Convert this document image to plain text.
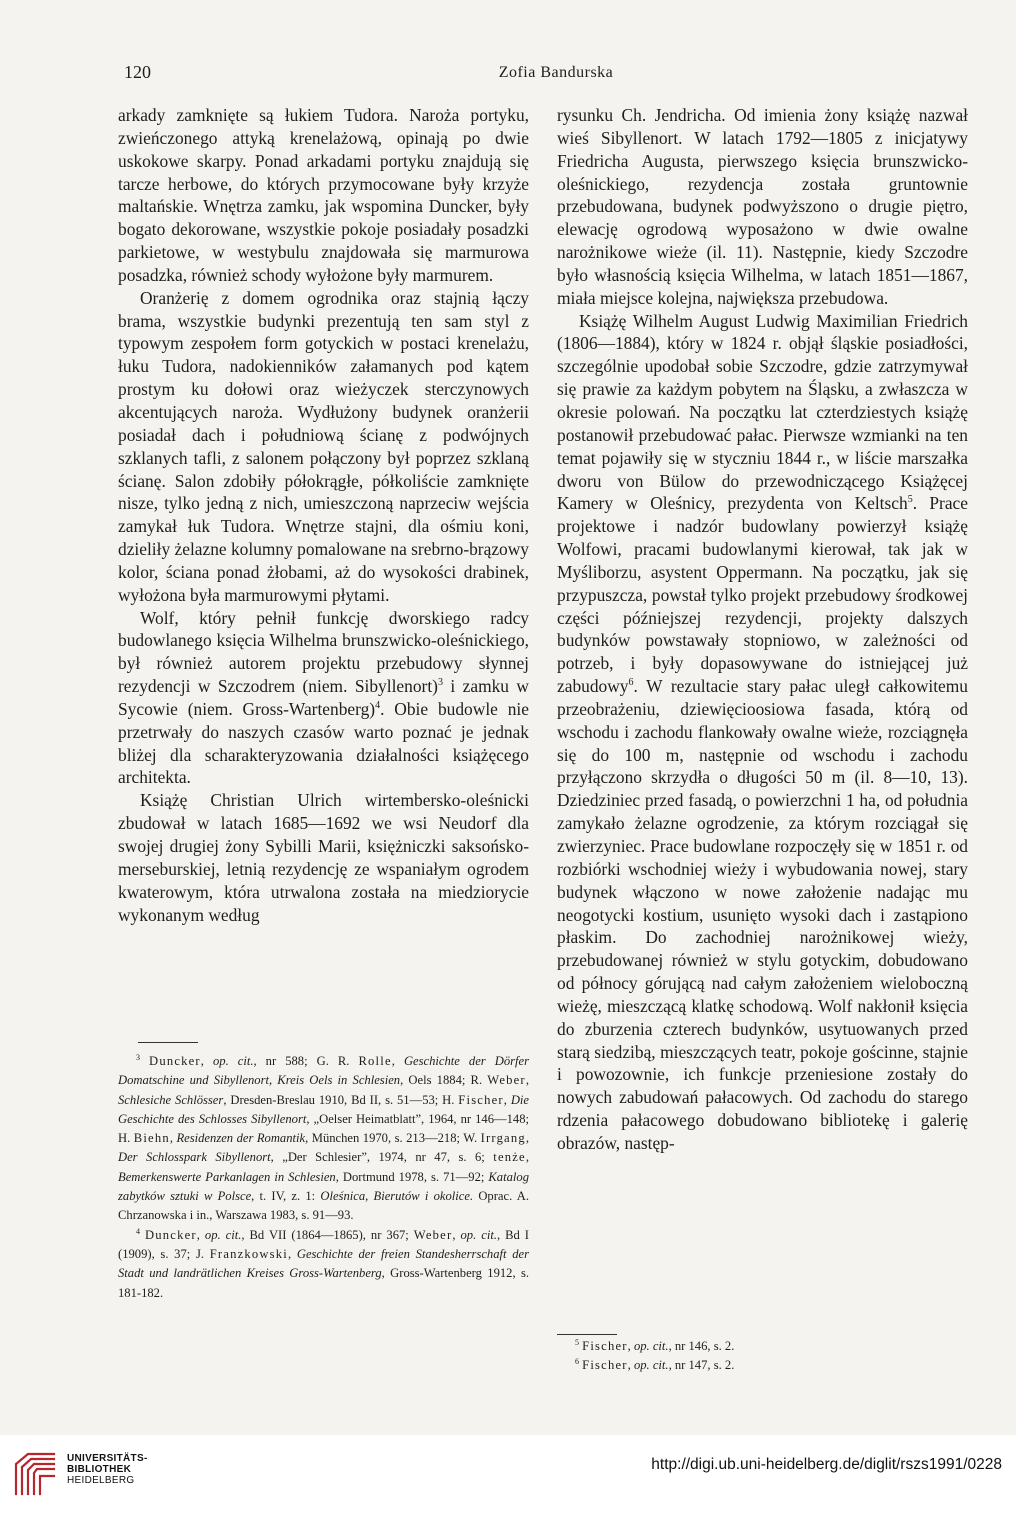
120	Zofia Bandurska

arkady zamknięte są łukiem Tudora. Naroża portyku, zwieńczonego attyką krenelażową, opinają po dwie uskokowe skarpy. Ponad arkadami portyku znajdują się tarcze herbowe, do których przymocowane były krzyże maltańskie. Wnętrza zamku, jak wspomina Duncker, były bogato dekorowane, wszystkie pokoje posiadały posadzki parkietowe, w westybulu znajdowała się marmurowa posadzka, również schody wyłożone były marmurem.

Oranżerię z domem ogrodnika oraz stajnią łączy brama, wszystkie budynki prezentują ten sam styl z typowym zespołem form gotyckich w postaci krenelażu, łuku Tudora, nadokienników załamanych pod kątem prostym ku dołowi oraz wieżyczek sterczynowych akcentujących naroża. Wydłużony budynek oranżerii posiadał dach i południową ścianę z podwójnych szklanych tafli, z salonem połączony był poprzez szklaną ścianę. Salon zdobiły półokrągłe, półkoliście zamknięte nisze, tylko jedną z nich, umieszczoną naprzeciw wejścia zamykał łuk Tudora. Wnętrze stajni, dla ośmiu koni, dzieliły żelazne kolumny pomalowane na srebrno-brązowy kolor, ściana ponad żłobami, aż do wysokości drabinek, wyłożona była marmurowymi płytami.

Wolf, który pełnił funkcję dworskiego radcy budowlanego księcia Wilhelma brunszwicko-oleśnickiego, był również autorem projektu przebudowy słynnej rezydencji w Szczodrem (niem. Sibyllenort)$^3$ i zamku w Sycowie (niem. Gross-Wartenberg)$^4$. Obie budowle nie przetrwały do naszych czasów warto poznać je jednak bliżej dla scharakteryzowania działalności książęcego architekta.

Książę Christian Ulrich wirtembersko-oleśnicki zbudował w latach 1685—1692 we wsi Neudorf dla swojej drugiej żony Sybilli Marii, księżniczki saksońsko-merseburskiej, letnią rezydencję ze wspaniałym ogrodem kwaterowym, która utrwalona została na miedziorycie wykonanym według

rysunku Ch. Jendricha. Od imienia żony książę nazwał wieś Sibyllenort. W latach 1792—1805 z inicjatywy Friedricha Augusta, pierwszego księcia brunszwicko-oleśnickiego, rezydencja została gruntownie przebudowana, budynek podwyższono o drugie piętro, elewację ogrodową wyposażono w dwie owalne narożnikowe wieże (il. 11). Następnie, kiedy Szczodre było własnością księcia Wilhelma, w latach 1851—1867, miała miejsce kolejna, największa przebudowa.

Książę Wilhelm August Ludwig Maximilian Friedrich (1806—1884), który w 1824 r. objął śląskie posiadłości, szczególnie upodobał sobie Szczodre, gdzie zatrzymywał się prawie za każdym pobytem na Śląsku, a zwłaszcza w okresie polowań. Na początku lat czterdziestych książę postanowił przebudować pałac. Pierwsze wzmianki na ten temat pojawiły się w styczniu 1844 r., w liście marszałka dworu von Bülow do przewodniczącego Książęcej Kamery w Oleśnicy, prezydenta von Keltsch$^5$. Prace projektowe i nadzór budowlany powierzył książę Wolfowi, pracami budowlanymi kierował, tak jak w Myśliborzu, asystent Oppermann. Na początku, jak się przypuszcza, powstał tylko projekt przebudowy środkowej części późniejszej rezydencji, projekty dalszych budynków powstawały stopniowo, w zależności od potrzeb, i były dopasowywane do istniejącej już zabudowy$^6$. W rezultacie stary pałac uległ całkowitemu przeobrażeniu, dziewięcioosiowa fasada, którą od wschodu i zachodu flankowały owalne wieże, rozciągnęła się do 100 m, następnie od wschodu i zachodu przyłączono skrzydła o długości 50 m (il. 8—10, 13). Dziedziniec przed fasadą, o powierzchni 1 ha, od południa zamykało żelazne ogrodzenie, za którym rozciągał się zwierzyniec. Prace budowlane rozpoczęły się w 1851 r. od rozbiórki wschodniej wieży i wybudowania nowej, stary budynek włączono w nowe założenie nadając mu neogotycki kostium, usunięto wysoki dach i zastąpiono płaskim. Do zachodniej narożnikowej wieży, przebudowanej również w stylu gotyckim, dobudowano od północy górującą nad całym założeniem wieloboczną wieżę, mieszczącą klatkę schodową. Wolf nakłonił księcia do zburzenia czterech budynków, usytuowanych przed starą siedzibą, mieszczących teatr, pokoje gościnne, stajnie i powozownie, ich funkcje przeniesione zostały do nowych zabudowań pałacowych. Od zachodu do starego rdzenia pałacowego dobudowano bibliotekę i galerię obrazów, następ-

$^3$ Duncker, op. cit., nr 588; G. R. Rolle, Geschichte der Dörfer Domatschine und Sibyllenort, Kreis Oels in Schlesien, Oels 1884; R. Weber, Schlesiche Schlösser, Dresden-Breslau 1910, Bd II, s. 51—53; H. Fischer, Die Geschichte des Schlosses Sibyllenort, „Oelser Heimatblatt”, 1964, nr 146—148; H. Biehn, Residenzen der Romantik, München 1970, s. 213—218; W. Irrgang, Der Schlosspark Sibyllenort, „Der Schlesier”, 1974, nr 47, s. 6; tenże, Bemerkenswerte Parkanlagen in Schlesien, Dortmund 1978, s. 71—92; Katalog zabytków sztuki w Polsce, t. IV, z. 1: Oleśnica, Bierutów i okolice. Oprac. A. Chrzanowska i in., Warszawa 1983, s. 91—93.

$^4$ Duncker, op. cit., Bd VII (1864—1865), nr 367; Weber, op. cit., Bd I (1909), s. 37; J. Franzkowski, Geschichte der freien Standesherrschaft der Stadt und landrätlichen Kreises Gross-Wartenberg, Gross-Wartenberg 1912, s. 181-182.

$^5$ Fischer, op. cit., nr 146, s. 2.

$^6$ Fischer, op. cit., nr 147, s. 2.

UNIVERSITÄTS-
BIBLIOTHEK
HEIDELBERG
http://digi.ub.uni-heidelberg.de/diglit/rszs1991/0228
